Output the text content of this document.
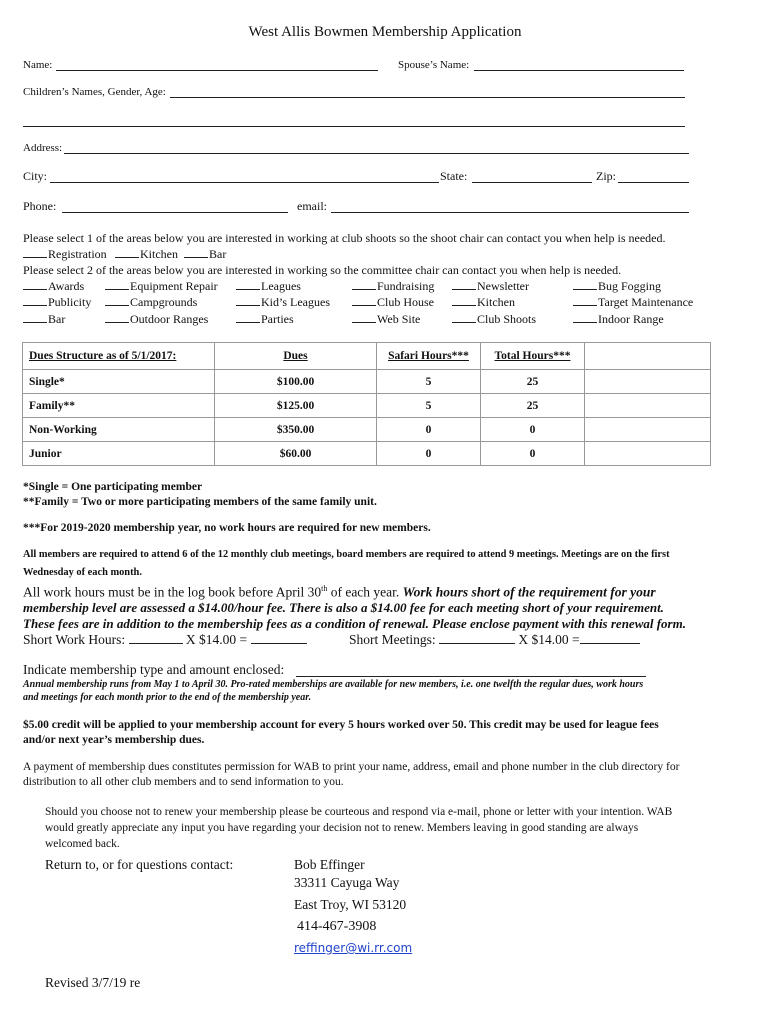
West Allis Bowmen Membership Application
Name:	Spouse’s Name:
Children’s Names, Gender, Age:
Address:
City:	State:	Zip:
Phone:	email:
Please select 1 of the areas below you are interested in working at club shoots so the shoot chair can contact you when help is needed.
Registration	Kitchen	Bar
Please select 2 of the areas below you are interested in working so the committee chair can contact you when help is needed.
Awards	Equipment Repair	Leagues	Fundraising	Newsletter	Bug Fogging
Publicity	Campgrounds	Kid’s Leagues	Club House	Kitchen	Target Maintenance
Bar	Outdoor Ranges	Parties	Web Site	Club Shoots	Indoor Range
Dues Structure as of 5/1/2017:	Dues	Safari Hours***	Total Hours***	
Single*	$100.00	5	25	
Family**	$125.00	5	25	
Non-Working	$350.00	0	0	
Junior	$60.00	0	0	
*Single = One participating member
**Family = Two or more participating members of the same family unit.
***For 2019-2020 membership year, no work hours are required for new members.
All members are required to attend 6 of the 12 monthly club meetings, board members are required to attend 9 meetings. Meetings are on the first
Wednesday of each month.
All work hours must be in the log book before April 30th of each year. Work hours short of the requirement for your
membership level are assessed a $14.00/hour fee. There is also a $14.00 fee for each meeting short of your requirement.
These fees are in addition to the membership fees as a condition of renewal. Please enclose payment with this renewal form.
Short Work Hours:	X $14.00 =	Short Meetings:	X $14.00 =
Indicate membership type and amount enclosed:
Annual membership runs from May 1 to April 30. Pro-rated memberships are available for new members, i.e. one twelfth the regular dues, work hours
and meetings for each month prior to the end of the membership year.
$5.00 credit will be applied to your membership account for every 5 hours worked over 50. This credit may be used for league fees
and/or next year’s membership dues.
A payment of membership dues constitutes permission for WAB to print your name, address, email and phone number in the club directory for
distribution to all other club members and to send information to you.
Should you choose not to renew your membership please be courteous and respond via e-mail, phone or letter with your intention. WAB
would greatly appreciate any input you have regarding your decision not to renew. Members leaving in good standing are always
welcomed back.
Return to, or for questions contact:	Bob Effinger
33311 Cayuga Way
East Troy, WI 53120
414-467-3908
reffinger@wi.rr.com
Revised 3/7/19 re
